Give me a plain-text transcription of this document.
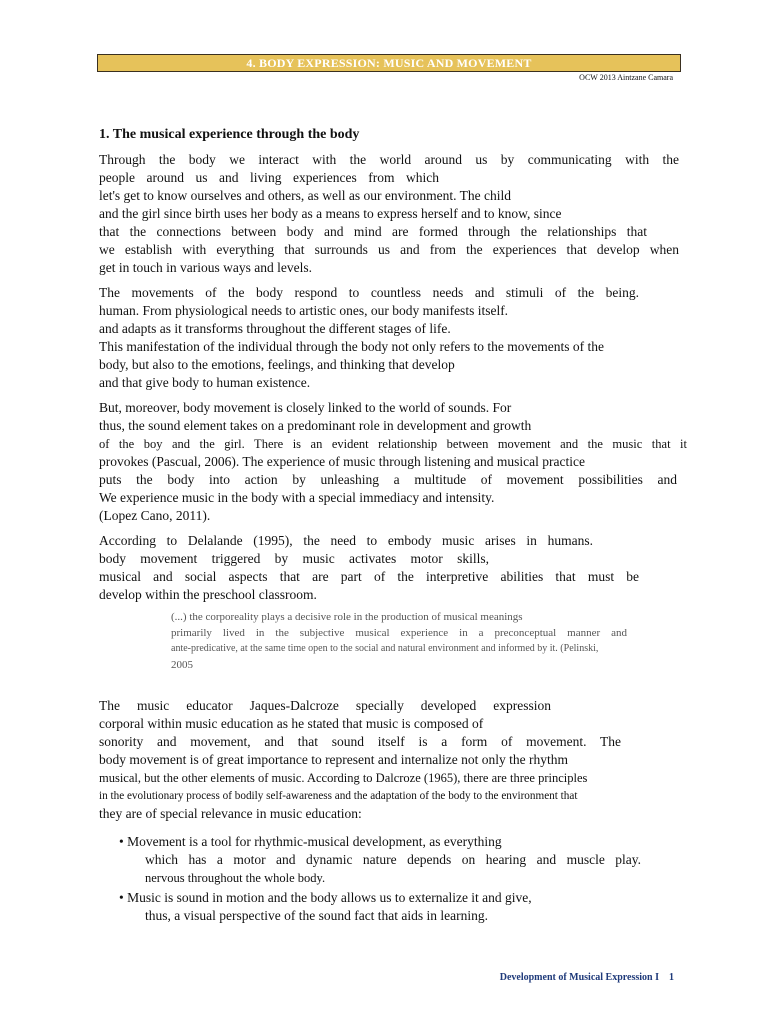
4. BODY EXPRESSION: MUSIC AND MOVEMENT
OCW 2013 Aintzane Camara
1. The musical experience through the body
Through the body we interact with the world around us by communicating with the
people around us and living experiences from which
let's get to know ourselves and others, as well as our environment. The child
and the girl since birth uses her body as a means to express herself and to know, since
that the connections between body and mind are formed through the relationships that
we establish with everything that surrounds us and from the experiences that develop when
get in touch in various ways and levels.
The movements of the body respond to countless needs and stimuli of the being.
human. From physiological needs to artistic ones, our body manifests itself.
and adapts as it transforms throughout the different stages of life.
This manifestation of the individual through the body not only refers to the movements of the
body, but also to the emotions, feelings, and thinking that develop
and that give body to human existence.
But, moreover, body movement is closely linked to the world of sounds. For
thus, the sound element takes on a predominant role in development and growth
of the boy and the girl. There is an evident relationship between movement and the music that it
provokes (Pascual, 2006). The experience of music through listening and musical practice
puts the body into action by unleashing a multitude of movement possibilities and
We experience music in the body with a special immediacy and intensity.
(Lopez Cano, 2011).
According to Delalande (1995), the need to embody music arises in humans.
body movement triggered by music activates motor skills,
musical and social aspects that are part of the interpretive abilities that must be
develop within the preschool classroom.
(...) the corporeality plays a decisive role in the production of musical meanings
primarily lived in the subjective musical experience in a preconceptual manner and
ante-predicative, at the same time open to the social and natural environment and informed by it. (Pelinski,
2005
The music educator Jaques-Dalcroze specially developed expression
corporal within music education as he stated that music is composed of
sonority and movement, and that sound itself is a form of movement. The
body movement is of great importance to represent and internalize not only the rhythm
musical, but the other elements of music. According to Dalcroze (1965), there are three principles
in the evolutionary process of bodily self-awareness and the adaptation of the body to the environment that
they are of special relevance in music education:
• Movement is a tool for rhythmic-musical development, as everything
which has a motor and dynamic nature depends on hearing and muscle play.
nervous throughout the whole body.
• Music is sound in motion and the body allows us to externalize it and give,
thus, a visual perspective of the sound fact that aids in learning.
Development of Musical Expression I 1
